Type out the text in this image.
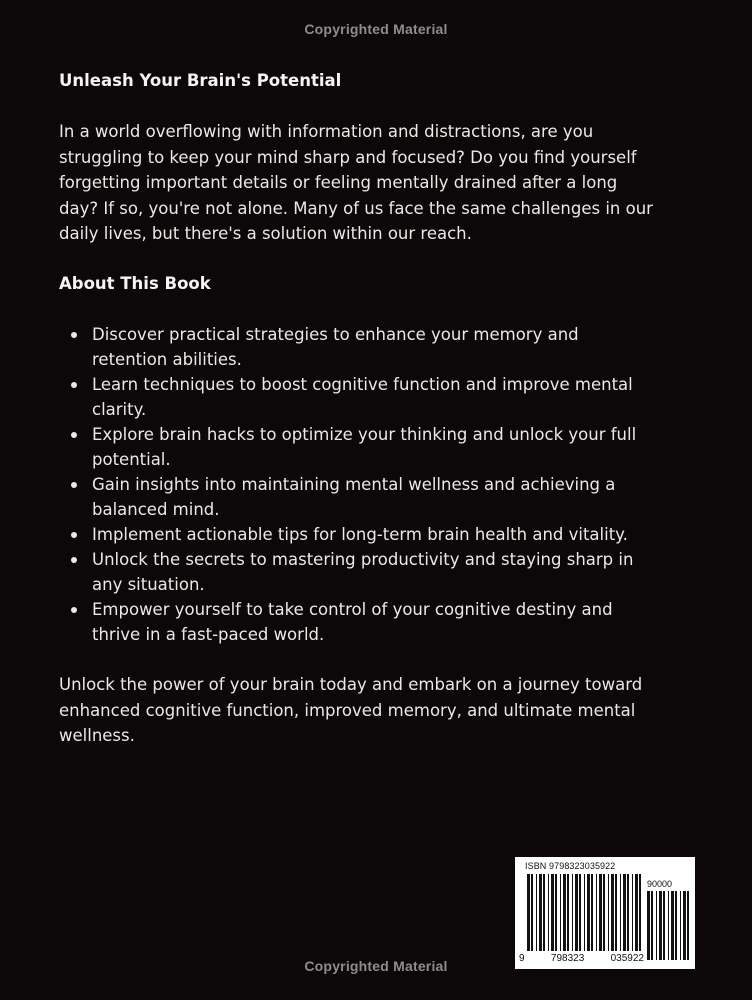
Copyrighted Material
Unleash Your Brain's Potential

In a world overflowing with information and distractions, are you struggling to keep your mind sharp and focused? Do you find yourself forgetting important details or feeling mentally drained after a long day? If so, you're not alone. Many of us face the same challenges in our daily lives, but there's a solution within our reach.

About This Book
Discover practical strategies to enhance your memory and retention abilities.
Learn techniques to boost cognitive function and improve mental clarity.
Explore brain hacks to optimize your thinking and unlock your full potential.
Gain insights into maintaining mental wellness and achieving a balanced mind.
Implement actionable tips for long-term brain health and vitality.
Unlock the secrets to mastering productivity and staying sharp in any situation.
Empower yourself to take control of your cognitive destiny and thrive in a fast-paced world.

Unlock the power of your brain today and embark on a journey toward enhanced cognitive function, improved memory, and ultimate mental wellness.

ISBN 9798323035922
90000
9	798323	035922
Copyrighted Material
